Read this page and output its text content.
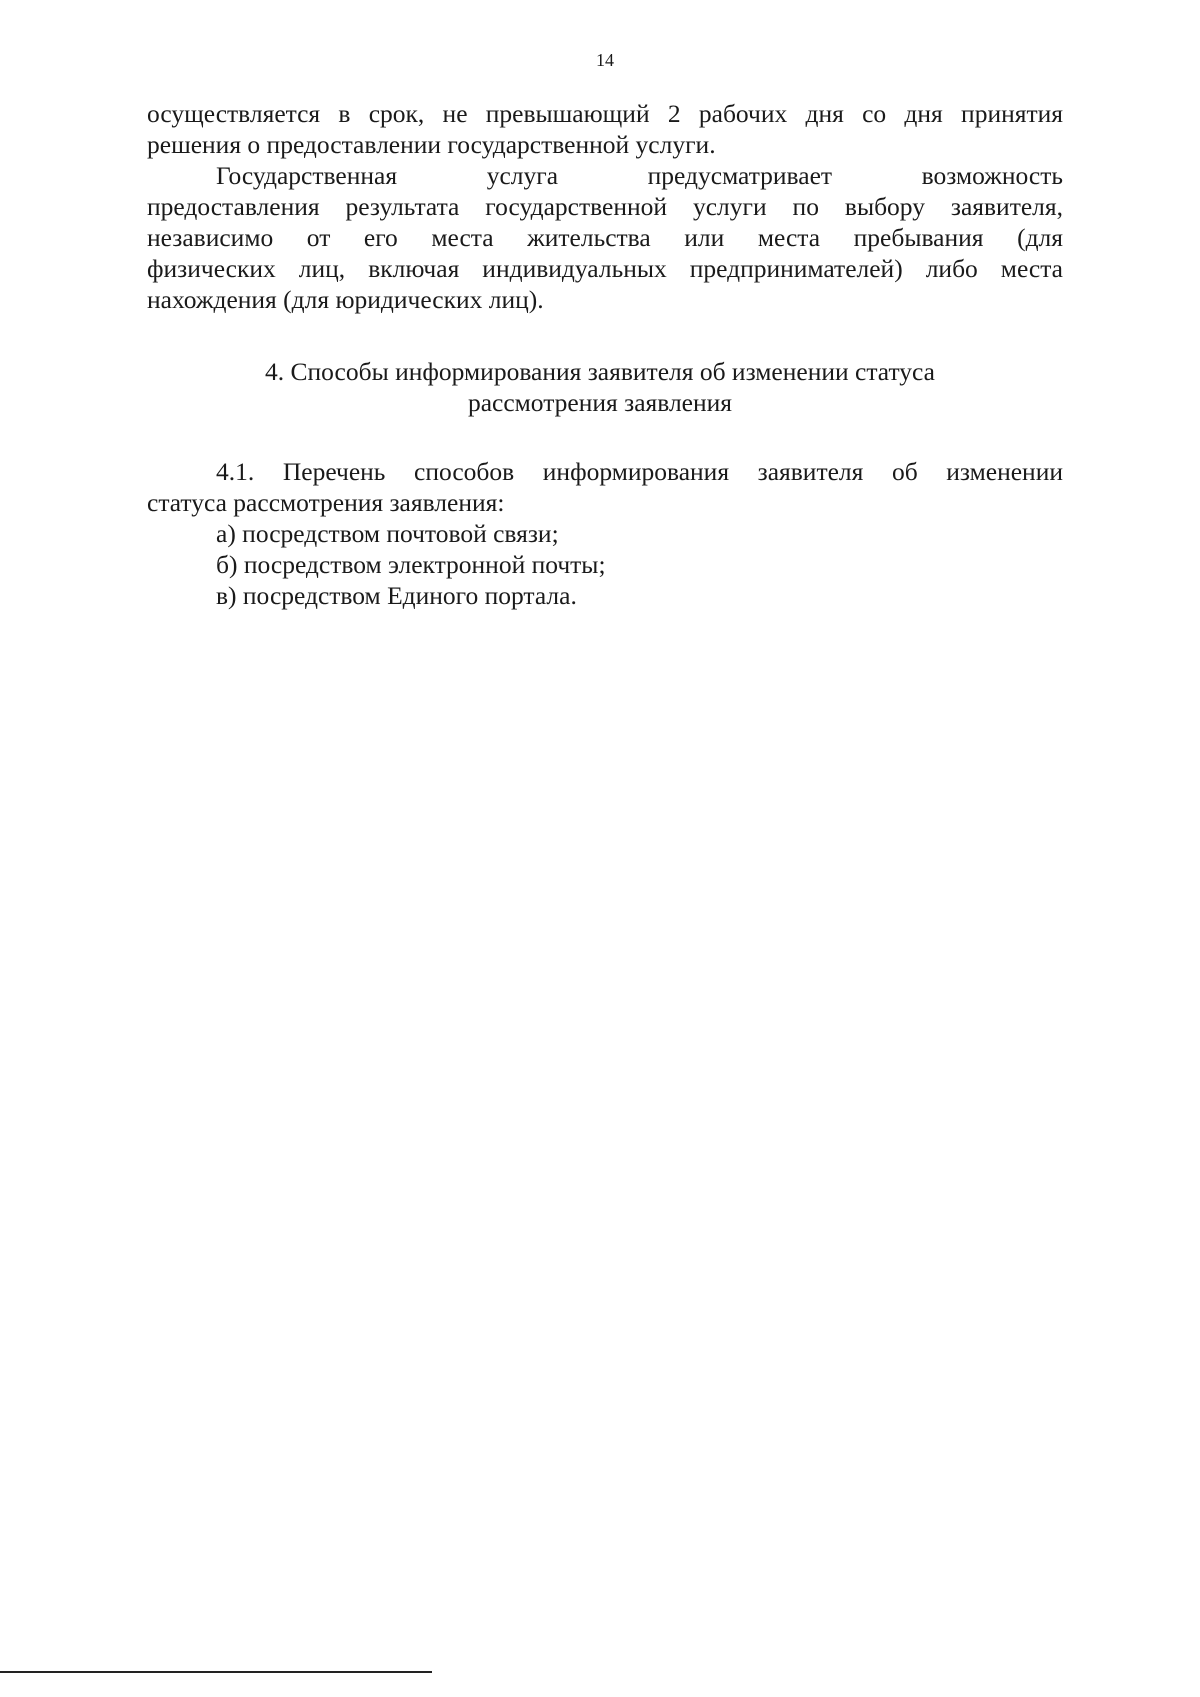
14
осуществляется в срок, не превышающий 2 рабочих дня со дня принятия
решения о предоставлении государственной услуги.
Государственная услуга предусматривает возможность
предоставления результата государственной услуги по выбору заявителя,
независимо от его места жительства или места пребывания (для
физических лиц, включая индивидуальных предпринимателей) либо места
нахождения (для юридических лиц).
4. Способы информирования заявителя об изменении статуса
рассмотрения заявления
4.1. Перечень способов информирования заявителя об изменении
статуса рассмотрения заявления:
а) посредством почтовой связи;
б) посредством электронной почты;
в) посредством Единого портала.
